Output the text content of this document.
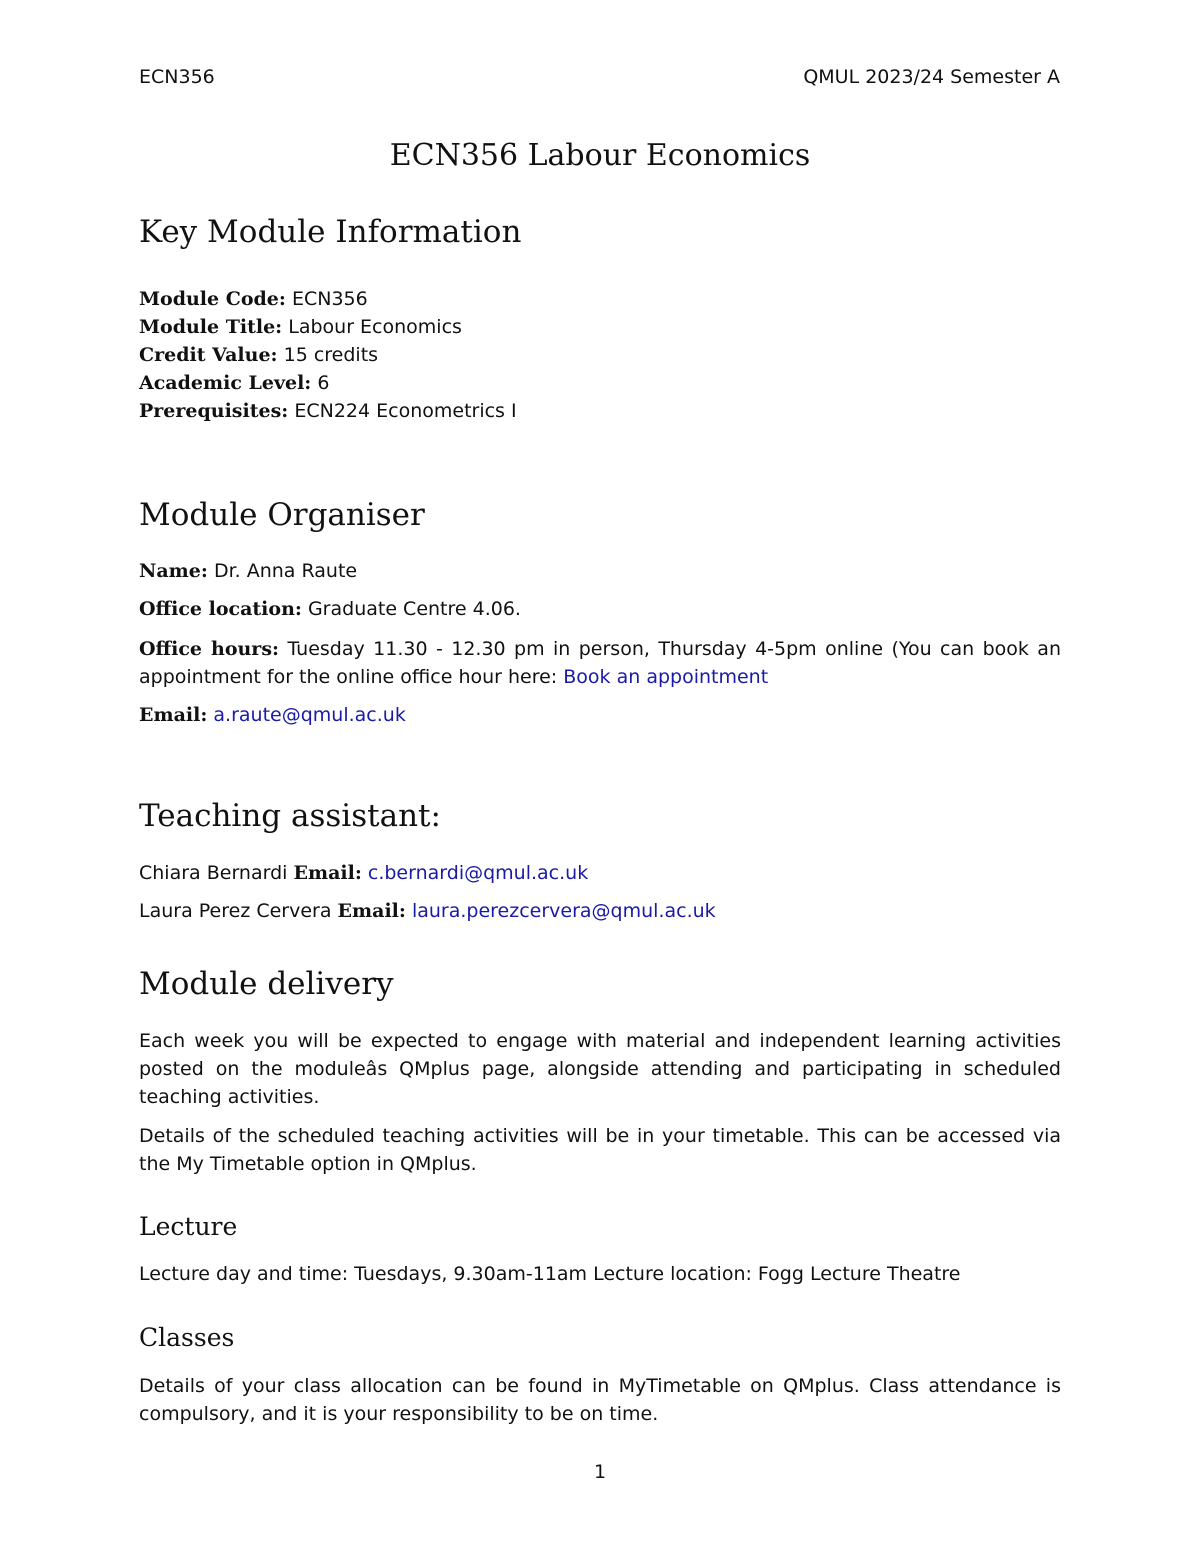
ECN356	QMUL 2023/24 Semester A
ECN356 Labour Economics
Key Module Information
Module Code: ECN356
Module Title: Labour Economics
Credit Value: 15 credits
Academic Level: 6
Prerequisites: ECN224 Econometrics I
Module Organiser
Name: Dr. Anna Raute
Office location: Graduate Centre 4.06.
Office hours: Tuesday 11.30 - 12.30 pm in person, Thursday 4-5pm online (You can book an appointment for the online office hour here: Book an appointment
Email: a.raute@qmul.ac.uk
Teaching assistant:
Chiara Bernardi Email: c.bernardi@qmul.ac.uk
Laura Perez Cervera Email: laura.perezcervera@qmul.ac.uk
Module delivery
Each week you will be expected to engage with material and independent learning activities posted on the moduleâs QMplus page, alongside attending and participating in scheduled teaching activities.
Details of the scheduled teaching activities will be in your timetable. This can be accessed via the My Timetable option in QMplus.
Lecture
Lecture day and time: Tuesdays, 9.30am-11am Lecture location: Fogg Lecture Theatre
Classes
Details of your class allocation can be found in MyTimetable on QMplus. Class attendance is compulsory, and it is your responsibility to be on time.
1
